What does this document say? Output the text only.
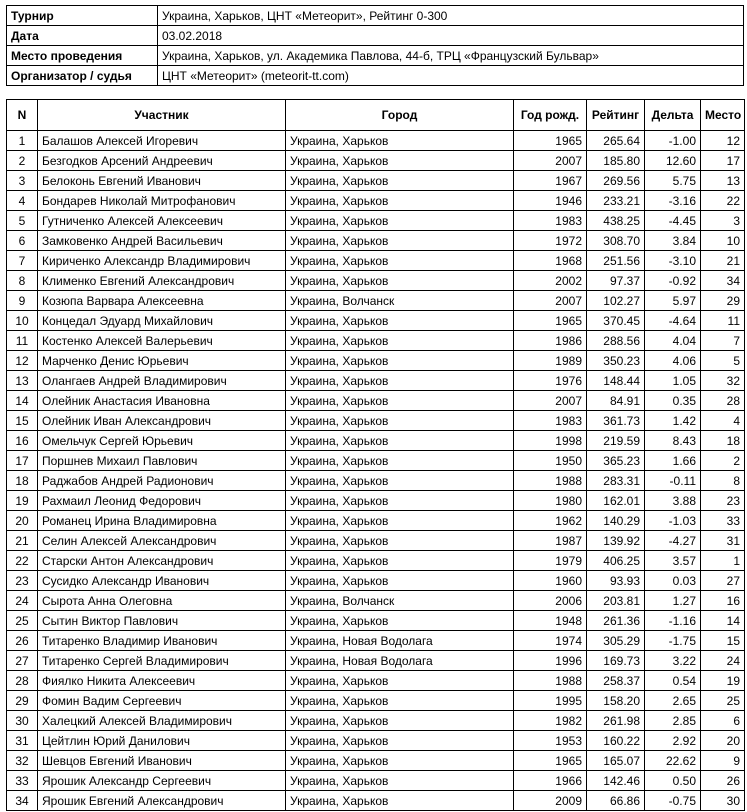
Турнир	Украина, Харьков, ЦНТ «Метеорит», Рейтинг 0-300
Дата	03.02.2018
Место проведения	Украина, Харьков, ул. Академика Павлова, 44-б, ТРЦ «Французский Бульвар»
Организатор / судья	ЦНТ «Метеорит» (meteorit-tt.com)
N	Участник	Город	Год рожд.	Рейтинг	Дельта	Место
1	Балашов Алексей Игоревич	Украина, Харьков	1965	265.64	-1.00	12
2	Безгодков Арсений Андреевич	Украина, Харьков	2007	185.80	12.60	17
3	Белоконь Евгений Иванович	Украина, Харьков	1967	269.56	5.75	13
4	Бондарев Николай Митрофанович	Украина, Харьков	1946	233.21	-3.16	22
5	Гутниченко Алексей Алексеевич	Украина, Харьков	1983	438.25	-4.45	3
6	Замковенко Андрей Васильевич	Украина, Харьков	1972	308.70	3.84	10
7	Кириченко Александр Владимирович	Украина, Харьков	1968	251.56	-3.10	21
8	Клименко Евгений Александрович	Украина, Харьков	2002	97.37	-0.92	34
9	Козюпа Варвара Алексеевна	Украина, Волчанск	2007	102.27	5.97	29
10	Концедал Эдуард Михайлович	Украина, Харьков	1965	370.45	-4.64	11
11	Костенко Алексей Валерьевич	Украина, Харьков	1986	288.56	4.04	7
12	Марченко Денис Юрьевич	Украина, Харьков	1989	350.23	4.06	5
13	Олангаев Андрей Владимирович	Украина, Харьков	1976	148.44	1.05	32
14	Олейник Анастасия Ивановна	Украина, Харьков	2007	84.91	0.35	28
15	Олейник Иван Александрович	Украина, Харьков	1983	361.73	1.42	4
16	Омельчук Сергей Юрьевич	Украина, Харьков	1998	219.59	8.43	18
17	Поршнев Михаил Павлович	Украина, Харьков	1950	365.23	1.66	2
18	Раджабов Андрей Радионович	Украина, Харьков	1988	283.31	-0.11	8
19	Рахмаил Леонид Федорович	Украина, Харьков	1980	162.01	3.88	23
20	Романец Ирина Владимировна	Украина, Харьков	1962	140.29	-1.03	33
21	Селин Алексей Александрович	Украина, Харьков	1987	139.92	-4.27	31
22	Старски Антон Александрович	Украина, Харьков	1979	406.25	3.57	1
23	Сусидко Александр Иванович	Украина, Харьков	1960	93.93	0.03	27
24	Сырота Анна Олеговна	Украина, Волчанск	2006	203.81	1.27	16
25	Сытин Виктор Павлович	Украина, Харьков	1948	261.36	-1.16	14
26	Титаренко Владимир Иванович	Украина, Новая Водолага	1974	305.29	-1.75	15
27	Титаренко Сергей Владимирович	Украина, Новая Водолага	1996	169.73	3.22	24
28	Фиялко Никита Алексеевич	Украина, Харьков	1988	258.37	0.54	19
29	Фомин Вадим Сергеевич	Украина, Харьков	1995	158.20	2.65	25
30	Халецкий Алексей Владимирович	Украина, Харьков	1982	261.98	2.85	6
31	Цейтлин Юрий Данилович	Украина, Харьков	1953	160.22	2.92	20
32	Шевцов Евгений Иванович	Украина, Харьков	1965	165.07	22.62	9
33	Ярошик Александр Сергеевич	Украина, Харьков	1966	142.46	0.50	26
34	Ярошик Евгений Александрович	Украина, Харьков	2009	66.86	-0.75	30
